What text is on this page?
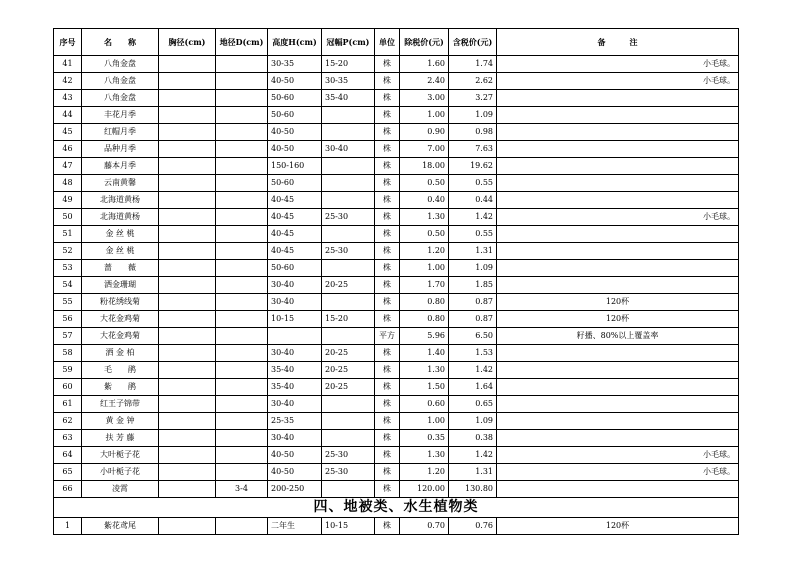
序号	名　　称	胸径(cm)	地径D(cm)	高度H(cm)	冠幅P(cm)	单位	除税价(元)	含税价(元)	备　　　注
41	八角金盘			30-35	15-20	株	1.60	1.74	小毛球。
42	八角金盘			40-50	30-35	株	2.40	2.62	小毛球。
43	八角金盘			50-60	35-40	株	3.00	3.27	
44	丰花月季			50-60		株	1.00	1.09	
45	红帽月季			40-50		株	0.90	0.98	
46	品种月季			40-50	30-40	株	7.00	7.63	
47	藤本月季			150-160		株	18.00	19.62	
48	云南黄馨			50-60		株	0.50	0.55	
49	北海道黄杨			40-45		株	0.40	0.44	
50	北海道黄杨			40-45	25-30	株	1.30	1.42	小毛球。
51	金 丝 桃			40-45		株	0.50	0.55	
52	金 丝 桃			40-45	25-30	株	1.20	1.31	
53	蔷　　薇			50-60		株	1.00	1.09	
54	洒金珊瑚			30-40	20-25	株	1.70	1.85	
55	粉花绣线菊			30-40		株	0.80	0.87	120杯
56	大花金鸡菊			10-15	15-20	株	0.80	0.87	120杯
57	大花金鸡菊					平方	5.96	6.50	籽播、80%以上覆盖率
58	洒 金 柏			30-40	20-25	株	1.40	1.53	
59	毛　　鹃			35-40	20-25	株	1.30	1.42	
60	紫　　鹃			35-40	20-25	株	1.50	1.64	
61	红王子锦带			30-40		株	0.60	0.65	
62	黄 金 钟			25-35		株	1.00	1.09	
63	扶 芳 藤			30-40		株	0.35	0.38	
64	大叶栀子花			40-50	25-30	株	1.30	1.42	小毛球。
65	小叶栀子花			40-50	25-30	株	1.20	1.31	小毛球。
66	凌霄		3-4	200-250		株	120.00	130.80	
四、地被类、水生植物类									
1	紫花鸢尾			二年生	10-15	株	0.70	0.76	120杯
